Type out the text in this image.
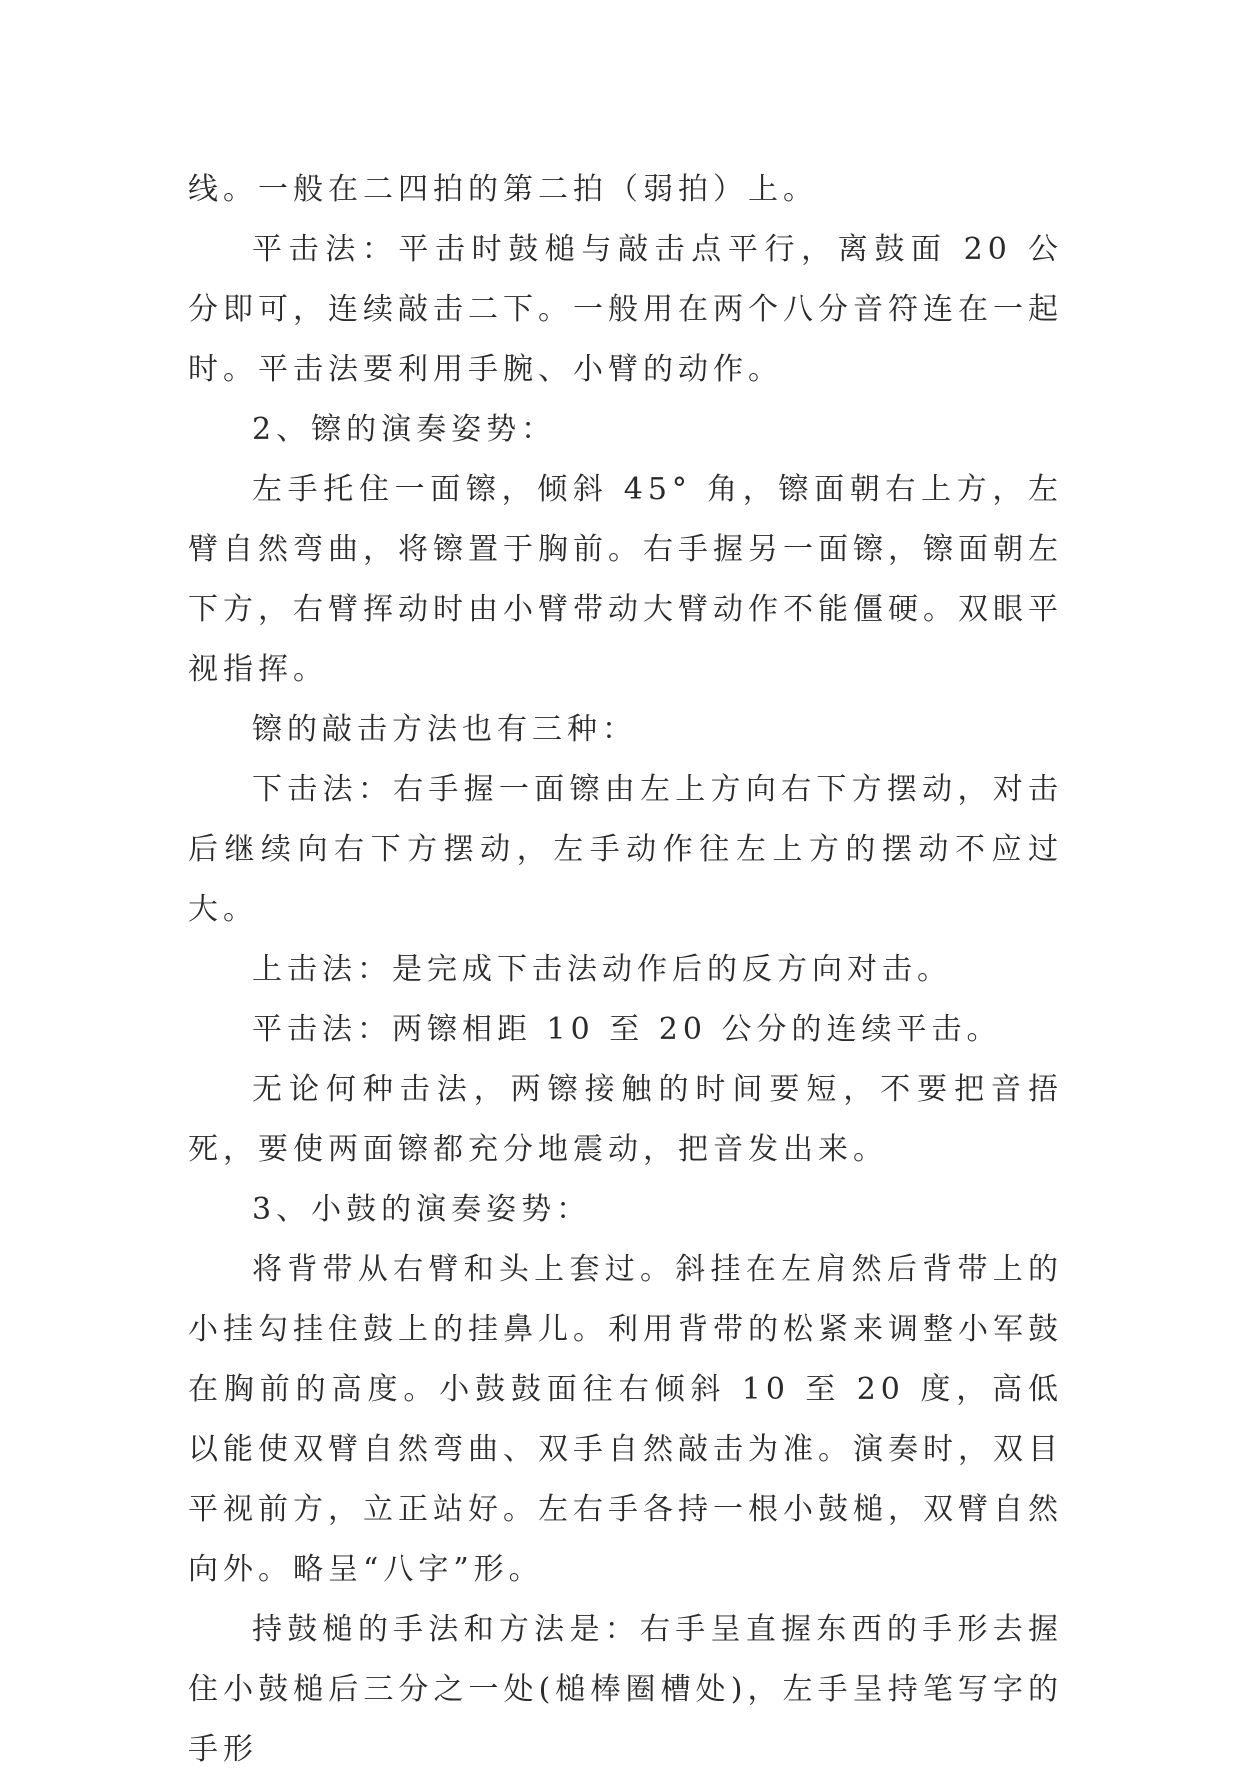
线。一般在二四拍的第二拍（弱拍）上。

平击法：平击时鼓槌与敲击点平行，离鼓面 20 公分即可，连续敲击二下。一般用在两个八分音符连在一起时。平击法要利用手腕、小臂的动作。

2、镲的演奏姿势：

左手托住一面镲，倾斜 45° 角，镲面朝右上方，左臂自然弯曲，将镲置于胸前。右手握另一面镲，镲面朝左下方，右臂挥动时由小臂带动大臂动作不能僵硬。双眼平视指挥。

镲的敲击方法也有三种：

下击法：右手握一面镲由左上方向右下方摆动，对击后继续向右下方摆动，左手动作往左上方的摆动不应过大。

上击法：是完成下击法动作后的反方向对击。

平击法：两镲相距 10 至 20 公分的连续平击。

无论何种击法，两镲接触的时间要短，不要把音捂死，要使两面镲都充分地震动，把音发出来。

3、小鼓的演奏姿势：

将背带从右臂和头上套过。斜挂在左肩然后背带上的小挂勾挂住鼓上的挂鼻儿。利用背带的松紧来调整小军鼓在胸前的高度。小鼓鼓面往右倾斜 10 至 20 度，高低以能使双臂自然弯曲、双手自然敲击为准。演奏时，双目平视前方，立正站好。左右手各持一根小鼓槌，双臂自然向外。略呈“八字”形。

持鼓槌的手法和方法是：右手呈直握东西的手形去握住小鼓槌后三分之一处(槌棒圈槽处)，左手呈持笔写字的手形
